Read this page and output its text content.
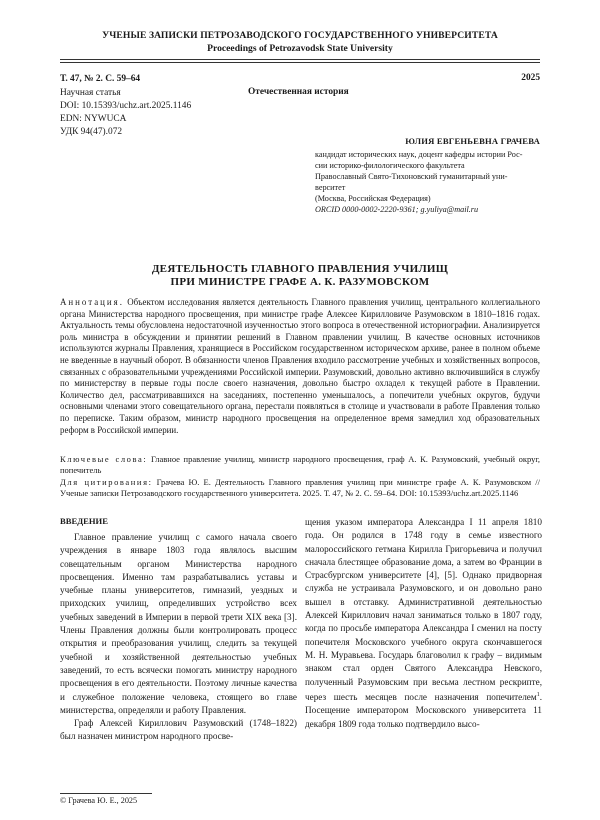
УЧЕНЫЕ ЗАПИСКИ ПЕТРОЗАВОДСКОГО ГОСУДАРСТВЕННОГО УНИВЕРСИТЕТА
Proceedings of Petrozavodsk State University
Т. 47, № 2. С. 59–64
Научная статья
DOI: 10.15393/uchz.art.2025.1146
EDN: NYWUCA
УДК 94(47).072
2025
Отечественная история
ЮЛИЯ ЕВГЕНЬЕВНА ГРАЧЕВА
кандидат исторических наук, доцент кафедры истории Рос-
сии историко-филологического факультета
Православный Свято-Тихоновский гуманитарный уни-
верситет
(Москва, Российская Федерация)
ORCID 0000-0002-2220-9361; g.yuliya@mail.ru
ДЕЯТЕЛЬНОСТЬ ГЛАВНОГО ПРАВЛЕНИЯ УЧИЛИЩ
ПРИ МИНИСТРЕ ГРАФЕ А. К. РАЗУМОВСКОМ
Аннотация. Объектом исследования является деятельность Главного правления училищ, центрального коллегиального органа Министерства народного просвещения, при министре графе Алексее Кирилловиче Разумовском в 1810–1816 годах. Актуальность темы обусловлена недостаточной изученностью этого вопроса в отечественной историографии. Анализируется роль министра в обсуждении и принятии решений в Главном правлении училищ. В качестве основных источников используются журналы Правления, хранящиеся в Российском государственном историческом архиве, ранее в полном объеме не введенные в научный оборот. В обязанности членов Правления входило рассмотрение учебных и хозяйственных вопросов, связанных с образовательными учреждениями Российской империи. Разумовский, довольно активно включившийся в службу по министерству в первые годы после своего назначения, довольно быстро охладел к текущей работе в Правлении. Количество дел, рассматривавшихся на заседаниях, постепенно уменьшалось, а попечители учебных округов, будучи основными членами этого совещательного органа, перестали появляться в столице и участвовали в работе Правления только по переписке. Таким образом, министр народного просвещения на определенное время замедлил ход образовательных реформ в Российской империи.
Ключевые слова: Главное правление училищ, министр народного просвещения, граф А. К. Разумовский, учебный округ, попечитель
Для цитирования: Грачева Ю. Е. Деятельность Главного правления училищ при министре графе А. К. Разумовском // Ученые записки Петрозаводского государственного университета. 2025. Т. 47, № 2. С. 59–64. DOI: 10.15393/uchz.art.2025.1146
ВВЕДЕНИЕ

Главное правление училищ с самого начала своего учреждения в январе 1803 года являлось высшим совещательным органом Министерства народного просвещения. Именно там разрабатывались уставы и учебные планы университетов, гимназий, уездных и приходских училищ, определивших устройство всех учебных заведений в Империи в первой трети XIX века [3]. Члены Правления должны были контролировать процесс открытия и преобразования училищ, следить за текущей учебной и хозяйственной деятельностью учебных заведений, то есть всячески помогать министру народного просвещения в его деятельности. Поэтому личные качества и служебное положение человека, стоящего во главе министерства, определяли и работу Правления.

Граф Алексей Кириллович Разумовский (1748–1822) был назначен министром народного просве-

щения указом императора Александра I 11 апреля 1810 года. Он родился в 1748 году в семье известного малороссийского гетмана Кирилла Григорьевича и получил сначала блестящее образование дома, а затем во Франции в Страсбургском университете [4], [5]. Однако придворная служба не устраивала Разумовского, и он довольно рано вышел в отставку. Административной деятельностью Алексей Кириллович начал заниматься только в 1807 году, когда по просьбе императора Александра I сменил на посту попечителя Московского учебного округа скончавшегося М. Н. Муравьева. Государь благоволил к графу – видимым знаком стал орден Святого Александра Невского, полученный Разумовским при весьма лестном рескрипте, через шесть месяцев после назначения попечителем$^1$. Посещение императором Московского университета 11 декабря 1809 года только подтвердило высо-

© Грачева Ю. Е., 2025
